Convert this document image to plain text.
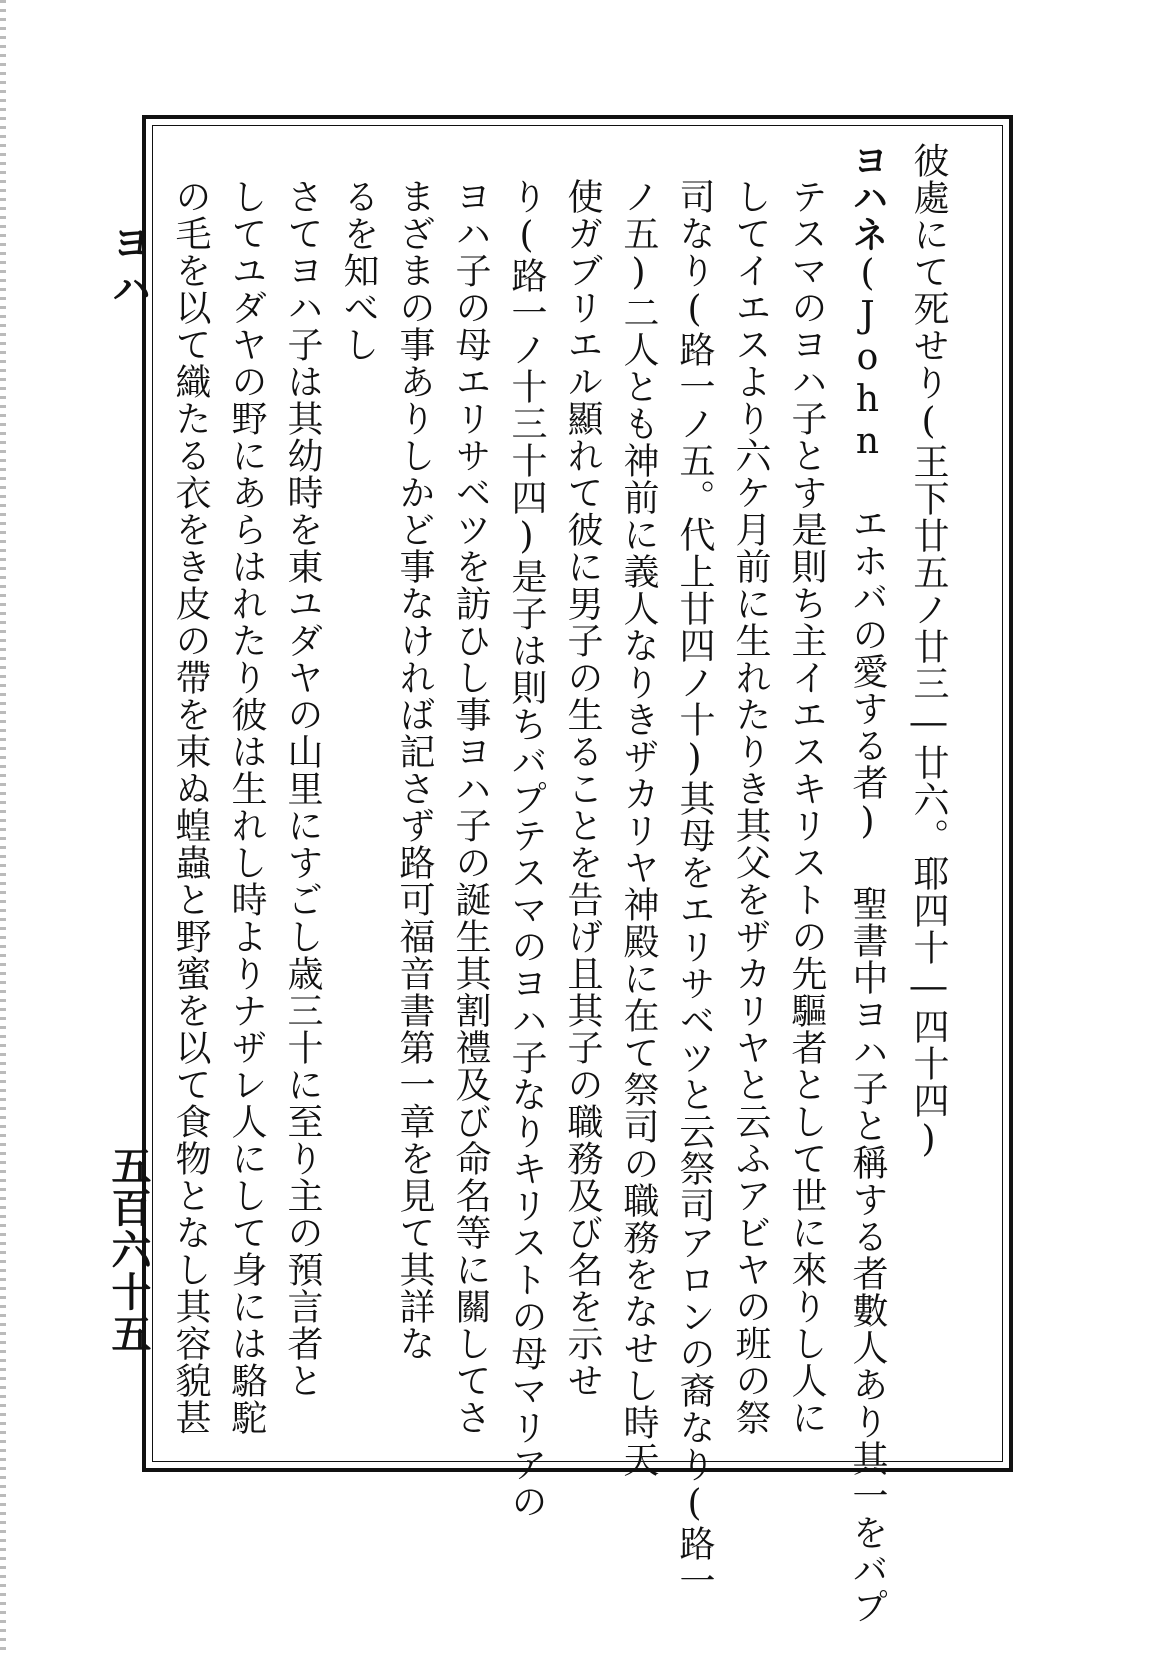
ヨハ
五百六十五
彼處にて死せり(王下廿五ノ廿三―廿六。耶四十―四十四)
ヨハネ(John エホバの愛する者) 聖書中ヨハ子と稱する者數人あり其一をバプ
テスマのヨハ子とす是則ち主イエスキリストの先驅者として世に來りし人に
してイエスより六ケ月前に生れたりき其父をザカリヤと云ふアビヤの班の祭
司なり(路一ノ五。代上廿四ノ十)其母をエリサベツと云祭司アロンの裔なり(路一
ノ五)二人とも神前に義人なりきザカリヤ神殿に在て祭司の職務をなせし時天
使ガブリエル顯れて彼に男子の生ることを告げ且其子の職務及び名を示せ
り(路一ノ十三十四)是子は則ちバプテスマのヨハ子なりキリストの母マリアの
ヨハ子の母エリサベツを訪ひし事ヨハ子の誕生其割禮及び命名等に關してさ
まざまの事ありしかど事なければ記さず路可福音書第一章を見て其詳な
るを知べし
さてヨハ子は其幼時を東ユダヤの山里にすごし歳三十に至り主の預言者と
してユダヤの野にあらはれたり彼は生れし時よりナザレ人にして身には駱駝
の毛を以て織たる衣をき皮の帶を束ぬ蝗蟲と野蜜を以て食物となし其容貌甚
